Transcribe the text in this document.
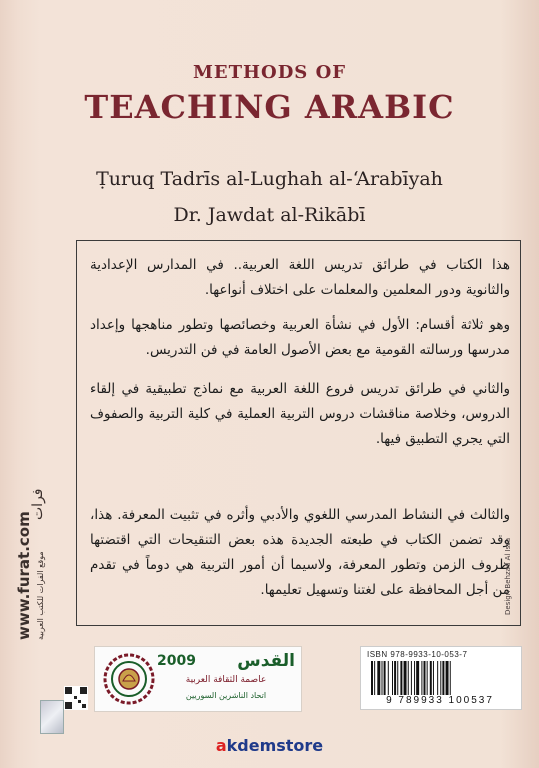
METHODS OF
TEACHING ARABIC
Ṭuruq Tadrīs al-Lughah al-ʻArabīyah
Dr. Jawdat al-Rikābī
هذا الكتاب في طرائق تدريس اللغة العربية.. في المدارس الإعدادية والثانوية ودور المعلمين والمعلمات على اختلاف أنواعها.
وهو ثلاثة أقسام: الأول في نشأة العربية وخصائصها وتطور مناهجها وإعداد مدرسها ورسالته القومية مع بعض الأصول العامة في فن التدريس.
والثاني في طرائق تدريس فروع اللغة العربية مع نماذج تطبيقية في إلقاء الدروس، وخلاصة مناقشات دروس التربية العملية في كلية التربية والصفوف التي يجري التطبيق فيها.
والثالث في النشاط المدرسي اللغوي والأدبي وأثره في تثبيت المعرفة. هذا، وقد تضمن الكتاب في طبعته الجديدة هذه بعض التنقيحات التي اقتضتها ظروف الزمن وتطور المعرفة، ولاسيما أن أمور التربية هي دوماً في تقدم من أجل المحافظة على لغتنا وتسهيل تعليمها.
www.furat.com
فرات
موقع الفرات للكتب العربية	Design Behzad Al Issa
2009	القدس
عاصمة الثقافة العربية
اتحاد الناشرين السوريين
ISBN 978-9933-10-053-7
9 789933 100537
akdemstore
